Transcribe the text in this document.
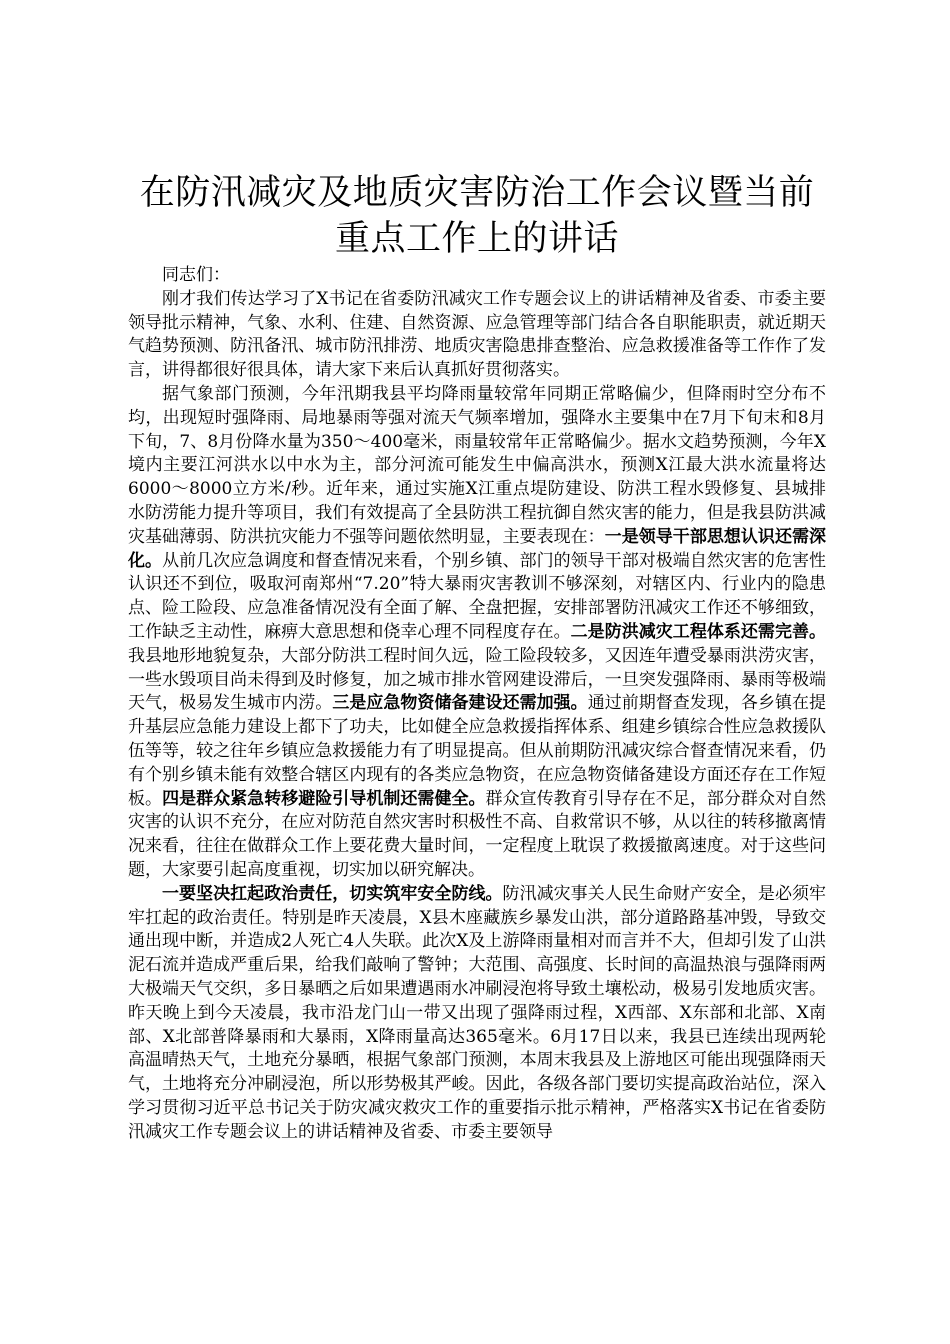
在防汛减灾及地质灾害防治工作会议暨当前重点工作上的讲话
同志们：

刚才我们传达学习了X书记在省委防汛减灾工作专题会议上的讲话精神及省委、市委主要领导批示精神，气象、水利、住建、自然资源、应急管理等部门结合各自职能职责，就近期天气趋势预测、防汛备汛、城市防汛排涝、地质灾害隐患排查整治、应急救援准备等工作作了发言，讲得都很好很具体，请大家下来后认真抓好贯彻落实。

据气象部门预测，今年汛期我县平均降雨量较常年同期正常略偏少，但降雨时空分布不均，出现短时强降雨、局地暴雨等强对流天气频率增加，强降水主要集中在7月下旬末和8月下旬，7、8月份降水量为350～400毫米，雨量较常年正常略偏少。据水文趋势预测，今年X境内主要江河洪水以中水为主，部分河流可能发生中偏高洪水，预测X江最大洪水流量将达6000～8000立方米/秒。近年来，通过实施X江重点堤防建设、防洪工程水毁修复、县城排水防涝能力提升等项目，我们有效提高了全县防洪工程抗御自然灾害的能力，但是我县防洪减灾基础薄弱、防洪抗灾能力不强等问题依然明显，主要表现在：一是领导干部思想认识还需深化。从前几次应急调度和督查情况来看，个别乡镇、部门的领导干部对极端自然灾害的危害性认识还不到位，吸取河南郑州“7.20”特大暴雨灾害教训不够深刻，对辖区内、行业内的隐患点、险工险段、应急准备情况没有全面了解、全盘把握，安排部署防汛减灾工作还不够细致，工作缺乏主动性，麻痹大意思想和侥幸心理不同程度存在。二是防洪减灾工程体系还需完善。我县地形地貌复杂，大部分防洪工程时间久远，险工险段较多，又因连年遭受暴雨洪涝灾害，一些水毁项目尚未得到及时修复，加之城市排水管网建设滞后，一旦突发强降雨、暴雨等极端天气，极易发生城市内涝。三是应急物资储备建设还需加强。通过前期督查发现，各乡镇在提升基层应急能力建设上都下了功夫，比如健全应急救援指挥体系、组建乡镇综合性应急救援队伍等等，较之往年乡镇应急救援能力有了明显提高。但从前期防汛减灾综合督查情况来看，仍有个别乡镇未能有效整合辖区内现有的各类应急物资，在应急物资储备建设方面还存在工作短板。四是群众紧急转移避险引导机制还需健全。群众宣传教育引导存在不足，部分群众对自然灾害的认识不充分，在应对防范自然灾害时积极性不高、自救常识不够，从以往的转移撤离情况来看，往往在做群众工作上要花费大量时间，一定程度上耽误了救援撤离速度。对于这些问题，大家要引起高度重视，切实加以研究解决。

一要坚决扛起政治责任，切实筑牢安全防线。防汛减灾事关人民生命财产安全，是必须牢牢扛起的政治责任。特别是昨天凌晨，X县木座藏族乡暴发山洪，部分道路路基冲毁，导致交通出现中断，并造成2人死亡4人失联。此次X及上游降雨量相对而言并不大，但却引发了山洪泥石流并造成严重后果，给我们敲响了警钟；大范围、高强度、长时间的高温热浪与强降雨两大极端天气交织，多日暴晒之后如果遭遇雨水冲刷浸泡将导致土壤松动，极易引发地质灾害。昨天晚上到今天凌晨，我市沿龙门山一带又出现了强降雨过程，X西部、X东部和北部、X南部、X北部普降暴雨和大暴雨，X降雨量高达365毫米。6月17日以来，我县已连续出现两轮高温晴热天气，土地充分暴晒，根据气象部门预测，本周末我县及上游地区可能出现强降雨天气，土地将充分冲刷浸泡，所以形势极其严峻。因此，各级各部门要切实提高政治站位，深入学习贯彻习近平总书记关于防灾减灾救灾工作的重要指示批示精神，严格落实X书记在省委防汛减灾工作专题会议上的讲话精神及省委、市委主要领导
